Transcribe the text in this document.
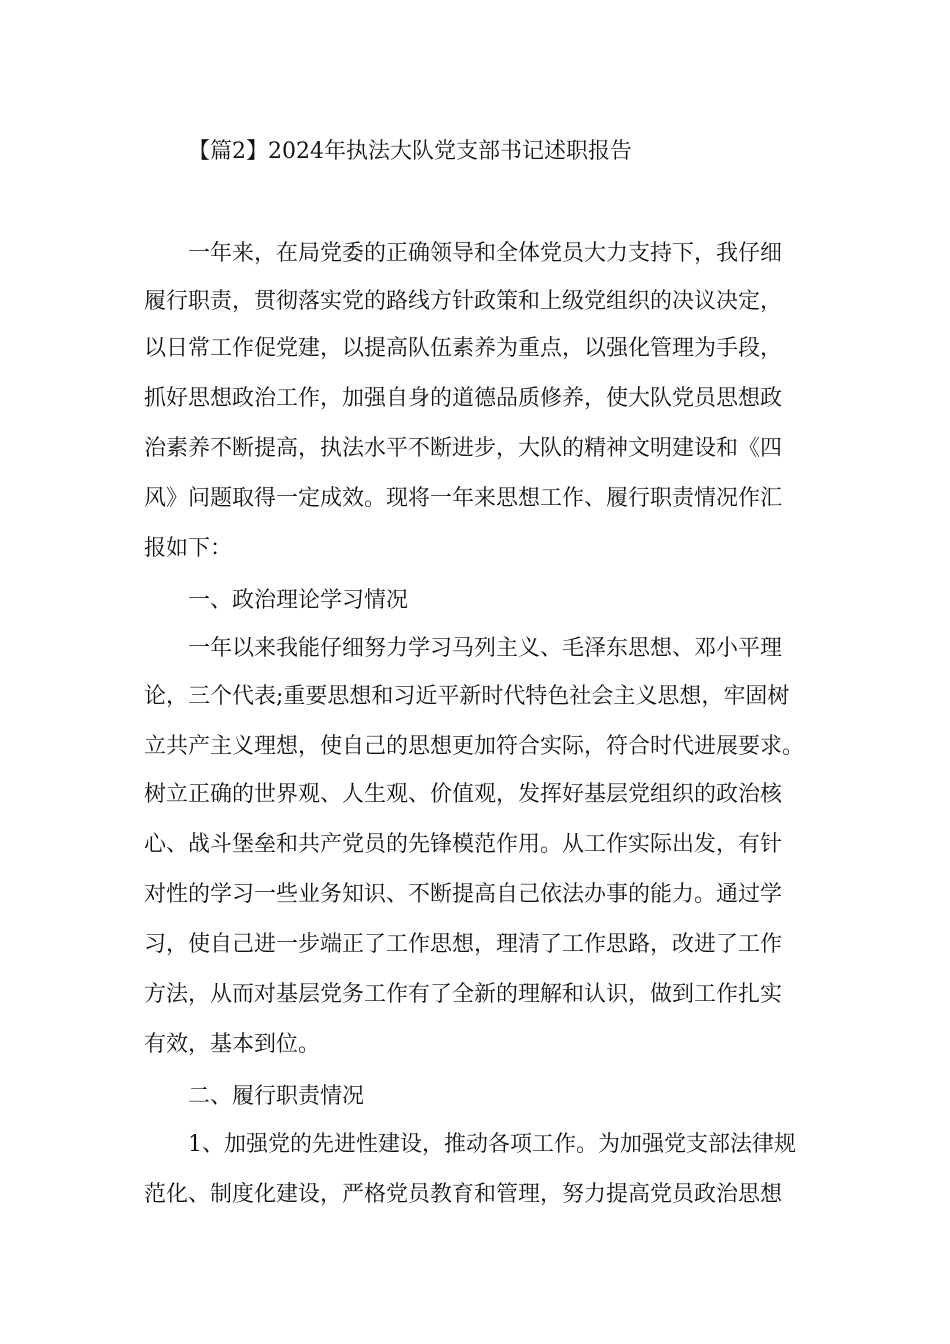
【篇2】2024年执法大队党支部书记述职报告
一年来，在局党委的正确领导和全体党员大力支持下，我仔细
履行职责，贯彻落实党的路线方针政策和上级党组织的决议决定，
以日常工作促党建，以提高队伍素养为重点，以强化管理为手段，
抓好思想政治工作，加强自身的道德品质修养，使大队党员思想政
治素养不断提高，执法水平不断进步，大队的精神文明建设和《四
风》问题取得一定成效。现将一年来思想工作、履行职责情况作汇
报如下：
一、政治理论学习情况
一年以来我能仔细努力学习马列主义、毛泽东思想、邓小平理
论，三个代表;重要思想和习近平新时代特色社会主义思想，牢固树
立共产主义理想，使自己的思想更加符合实际，符合时代进展要求。
树立正确的世界观、人生观、价值观，发挥好基层党组织的政治核
心、战斗堡垒和共产党员的先锋模范作用。从工作实际出发，有针
对性的学习一些业务知识、不断提高自己依法办事的能力。通过学
习，使自己进一步端正了工作思想，理清了工作思路，改进了工作
方法，从而对基层党务工作有了全新的理解和认识，做到工作扎实
有效，基本到位。
二、履行职责情况
1、加强党的先进性建设，推动各项工作。为加强党支部法律规
范化、制度化建设，严格党员教育和管理，努力提高党员政治思想
